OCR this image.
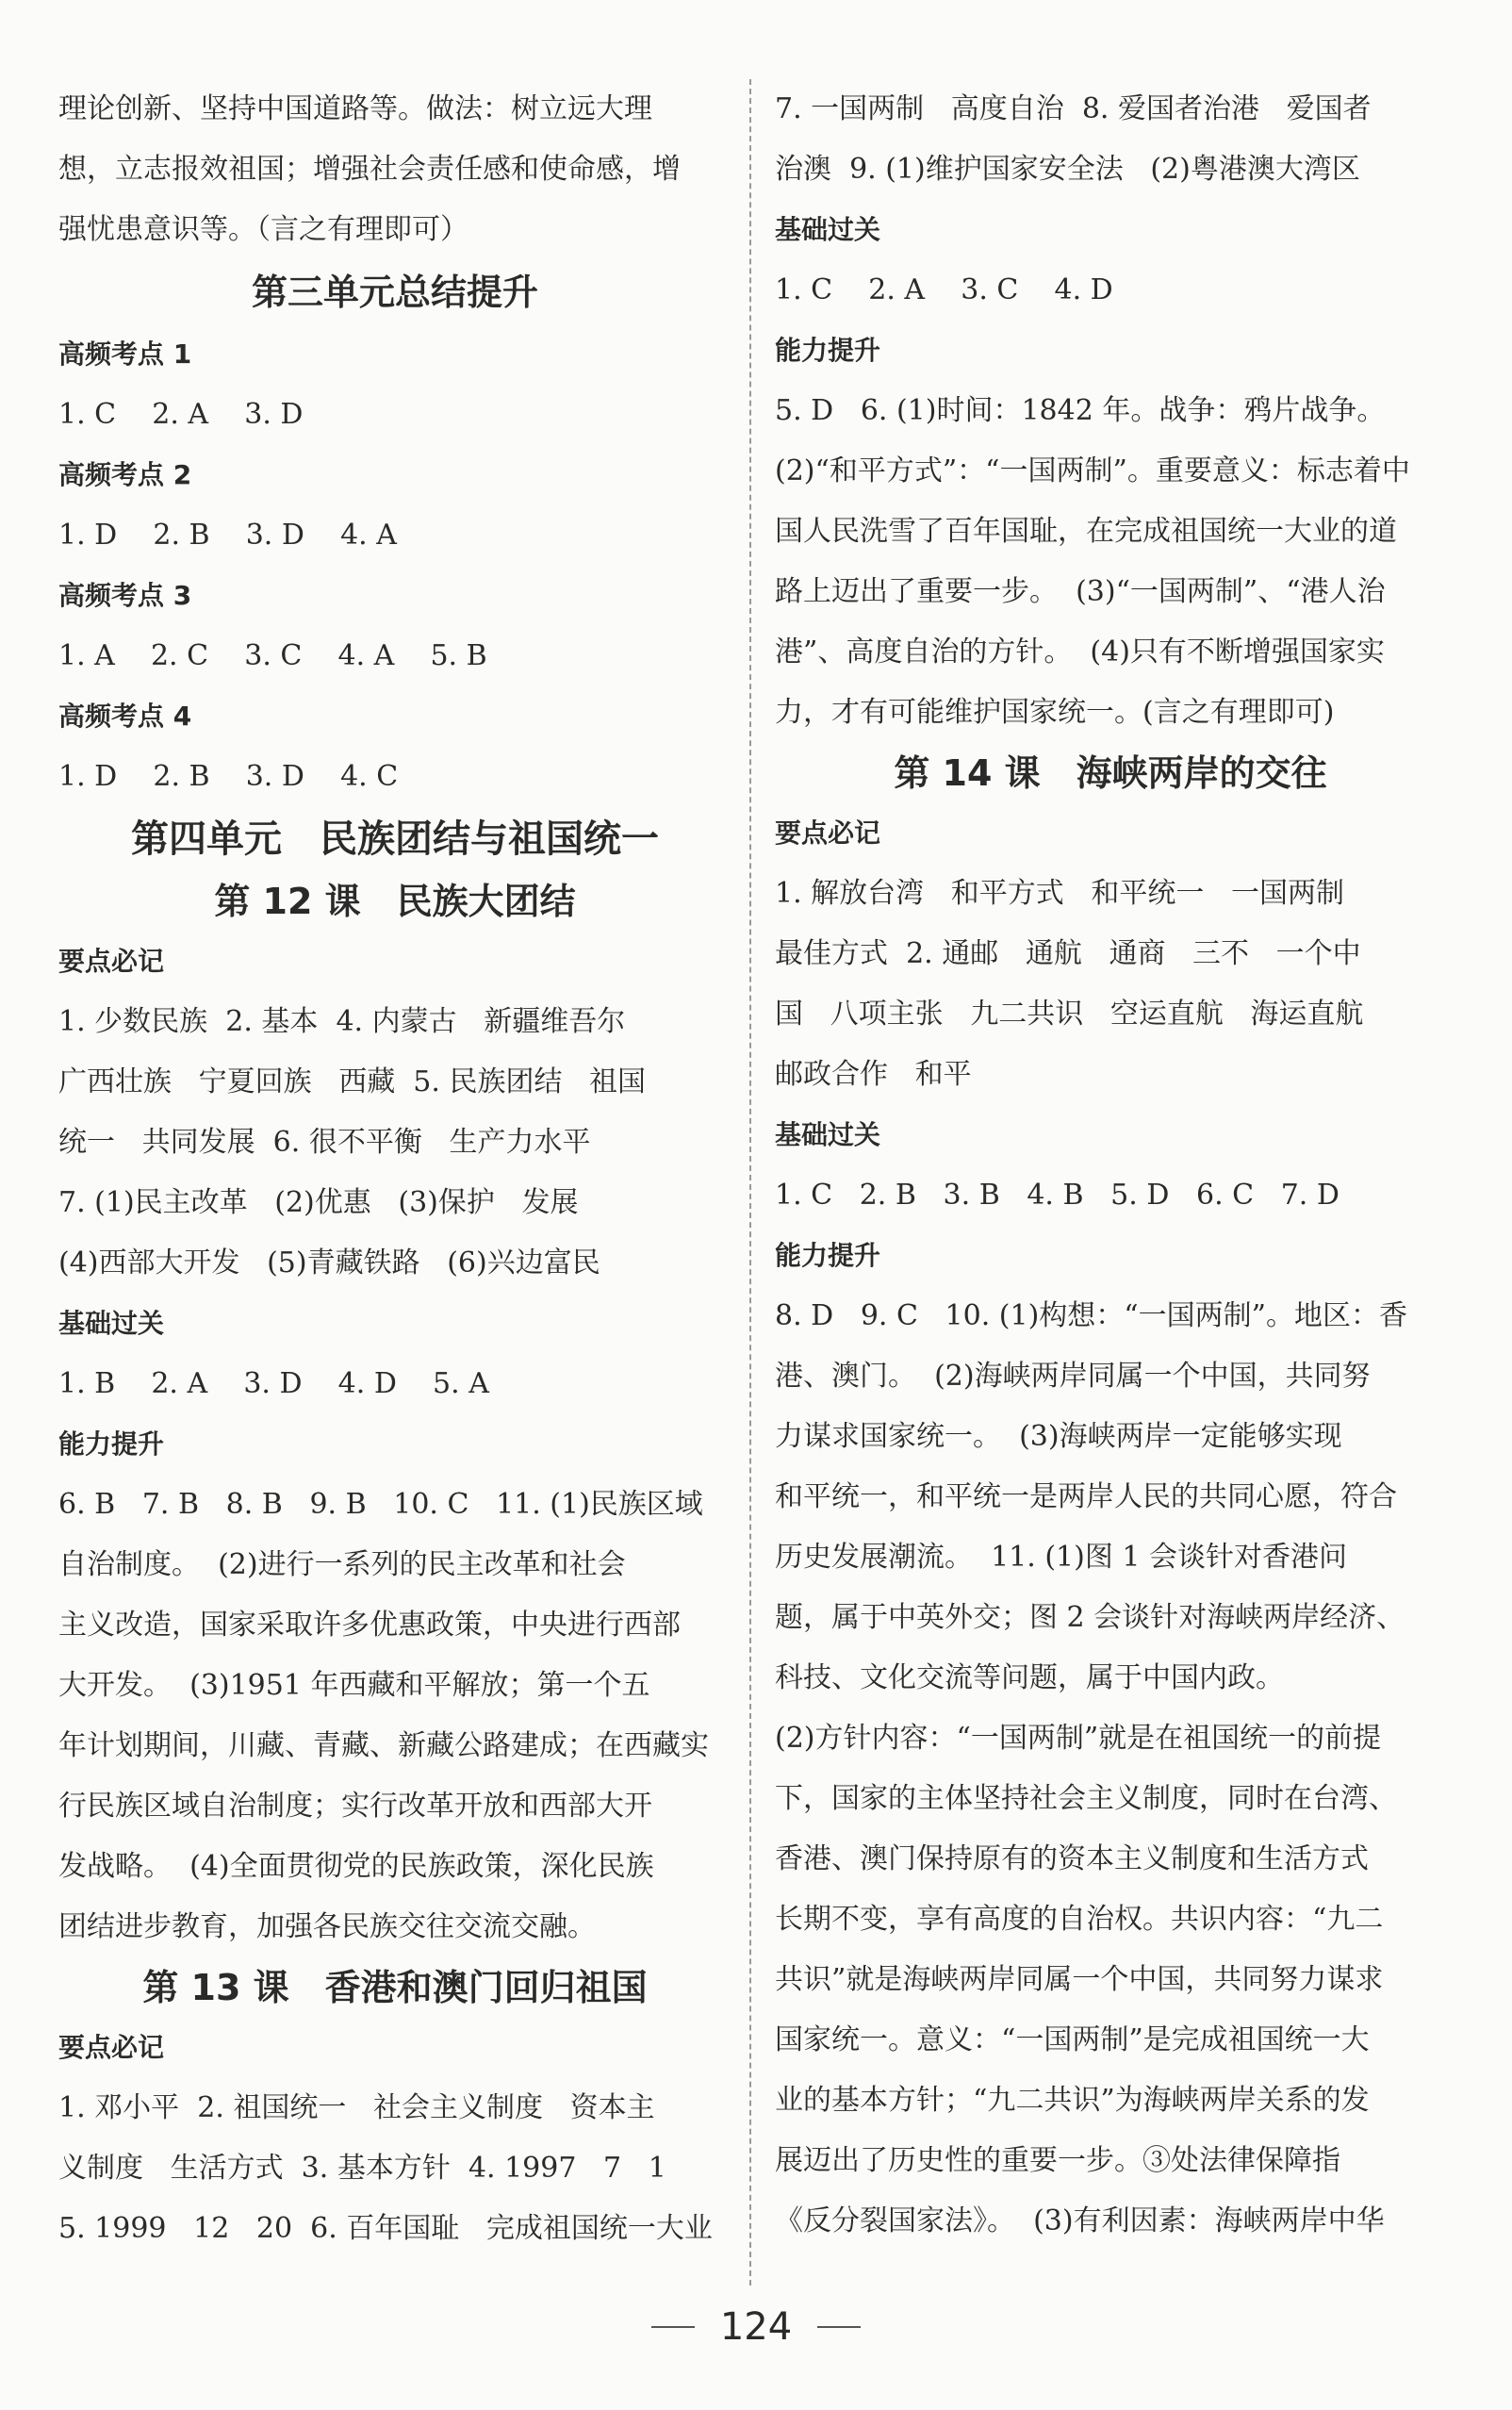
理论创新、坚持中国道路等。做法：树立远大理
想，立志报效祖国；增强社会责任感和使命感，增
强忧患意识等。（言之有理即可）
第三单元总结提升
高频考点 1
1. C    2. A    3. D
高频考点 2
1. D    2. B    3. D    4. A
高频考点 3
1. A    2. C    3. C    4. A    5. B
高频考点 4
1. D    2. B    3. D    4. C
第四单元　民族团结与祖国统一
第 12 课　民族大团结
要点必记
1. 少数民族  2. 基本  4. 内蒙古   新疆维吾尔
广西壮族   宁夏回族   西藏  5. 民族团结   祖国
统一   共同发展  6. 很不平衡   生产力水平
7. (1)民主改革   (2)优惠   (3)保护   发展
(4)西部大开发   (5)青藏铁路   (6)兴边富民
基础过关
1. B    2. A    3. D    4. D    5. A
能力提升
6. B   7. B   8. B   9. B   10. C   11. (1)民族区域
自治制度。  (2)进行一系列的民主改革和社会
主义改造，国家采取许多优惠政策，中央进行西部
大开发。  (3)1951 年西藏和平解放；第一个五
年计划期间，川藏、青藏、新藏公路建成；在西藏实
行民族区域自治制度；实行改革开放和西部大开
发战略。  (4)全面贯彻党的民族政策，深化民族
团结进步教育，加强各民族交往交流交融。
第 13 课　香港和澳门回归祖国
要点必记
1. 邓小平  2. 祖国统一   社会主义制度   资本主
义制度   生活方式  3. 基本方针  4. 1997   7   1
5. 1999   12   20  6. 百年国耻   完成祖国统一大业
7. 一国两制   高度自治  8. 爱国者治港   爱国者
治澳  9. (1)维护国家安全法   (2)粤港澳大湾区
基础过关
1. C    2. A    3. C    4. D
能力提升
5. D   6. (1)时间：1842 年。战争：鸦片战争。
(2)“和平方式”：“一国两制”。重要意义：标志着中
国人民洗雪了百年国耻，在完成祖国统一大业的道
路上迈出了重要一步。  (3)“一国两制”、“港人治
港”、高度自治的方针。  (4)只有不断增强国家实
力，才有可能维护国家统一。(言之有理即可)
第 14 课　海峡两岸的交往
要点必记
1. 解放台湾   和平方式   和平统一   一国两制
最佳方式  2. 通邮   通航   通商   三不   一个中
国   八项主张   九二共识   空运直航   海运直航
邮政合作   和平
基础过关
1. C   2. B   3. B   4. B   5. D   6. C   7. D
能力提升
8. D   9. C   10. (1)构想：“一国两制”。地区：香
港、澳门。  (2)海峡两岸同属一个中国，共同努
力谋求国家统一。  (3)海峡两岸一定能够实现
和平统一，和平统一是两岸人民的共同心愿，符合
历史发展潮流。  11. (1)图 1 会谈针对香港问
题，属于中英外交；图 2 会谈针对海峡两岸经济、
科技、文化交流等问题，属于中国内政。
(2)方针内容：“一国两制”就是在祖国统一的前提
下，国家的主体坚持社会主义制度，同时在台湾、
香港、澳门保持原有的资本主义制度和生活方式
长期不变，享有高度的自治权。共识内容：“九二
共识”就是海峡两岸同属一个中国，共同努力谋求
国家统一。意义：“一国两制”是完成祖国统一大
业的基本方针；“九二共识”为海峡两岸关系的发
展迈出了历史性的重要一步。③处法律保障指
《反分裂国家法》。  (3)有利因素：海峡两岸中华
124
